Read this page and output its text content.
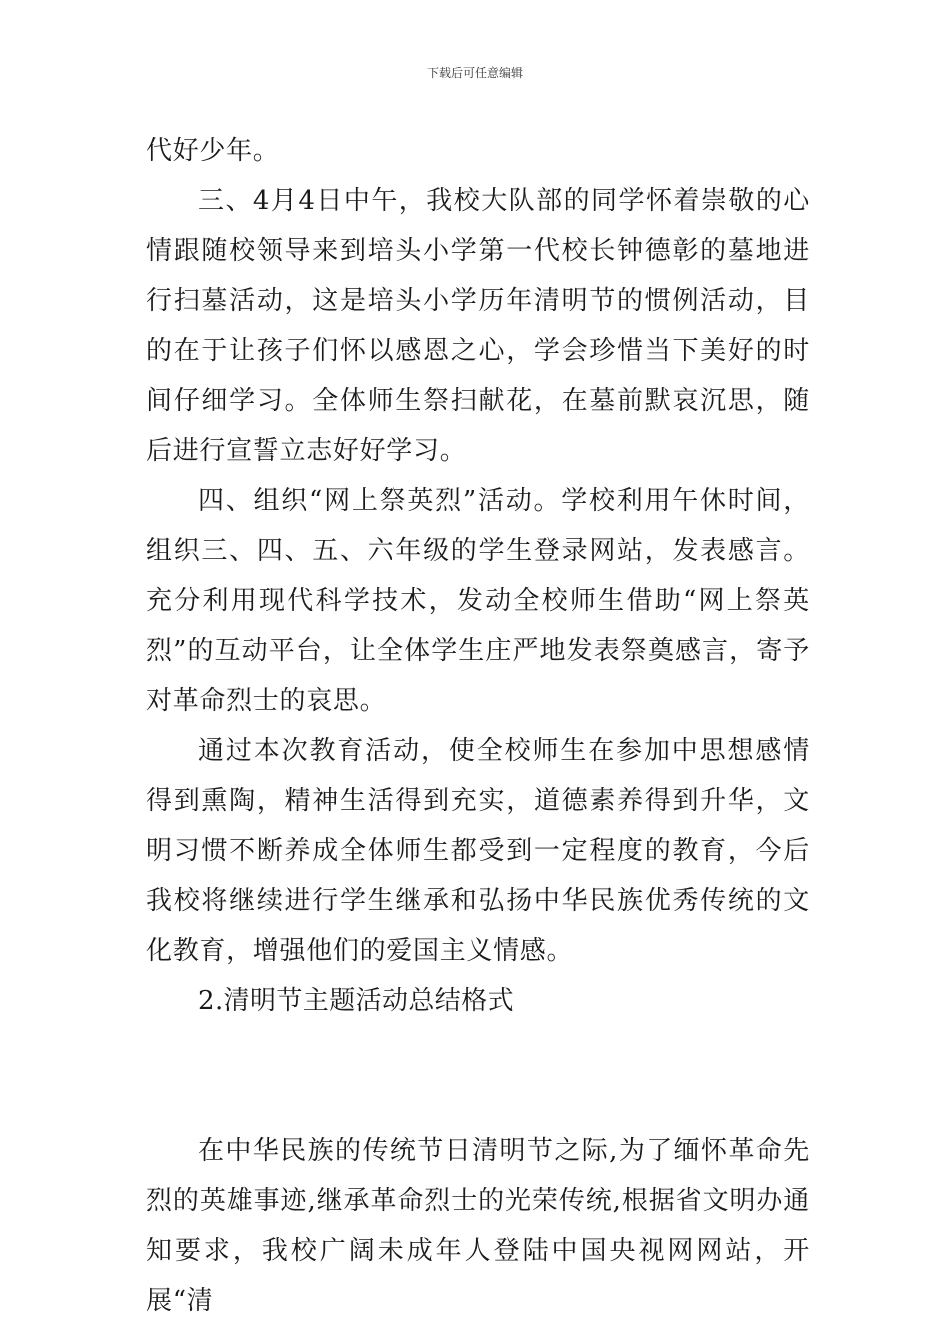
下载后可任意编辑

代好少年。

三、4月4日中午，我校大队部的同学怀着崇敬的心情跟随校领导来到培头小学第一代校长钟德彰的墓地进行扫墓活动，这是培头小学历年清明节的惯例活动，目的在于让孩子们怀以感恩之心，学会珍惜当下美好的时间仔细学习。全体师生祭扫献花，在墓前默哀沉思，随后进行宣誓立志好好学习。

四、组织“网上祭英烈”活动。学校利用午休时间，组织三、四、五、六年级的学生登录网站，发表感言。充分利用现代科学技术，发动全校师生借助“网上祭英烈”的互动平台，让全体学生庄严地发表祭奠感言，寄予对革命烈士的哀思。

通过本次教育活动，使全校师生在参加中思想感情得到熏陶，精神生活得到充实，道德素养得到升华，文明习惯不断养成全体师生都受到一定程度的教育，今后我校将继续进行学生继承和弘扬中华民族优秀传统的文化教育，增强他们的爱国主义情感。

2.清明节主题活动总结格式

在中华民族的传统节日清明节之际,为了缅怀革命先烈的英雄事迹,继承革命烈士的光荣传统,根据省文明办通知要求，我校广阔未成年人登陆中国央视网网站，开展“清
